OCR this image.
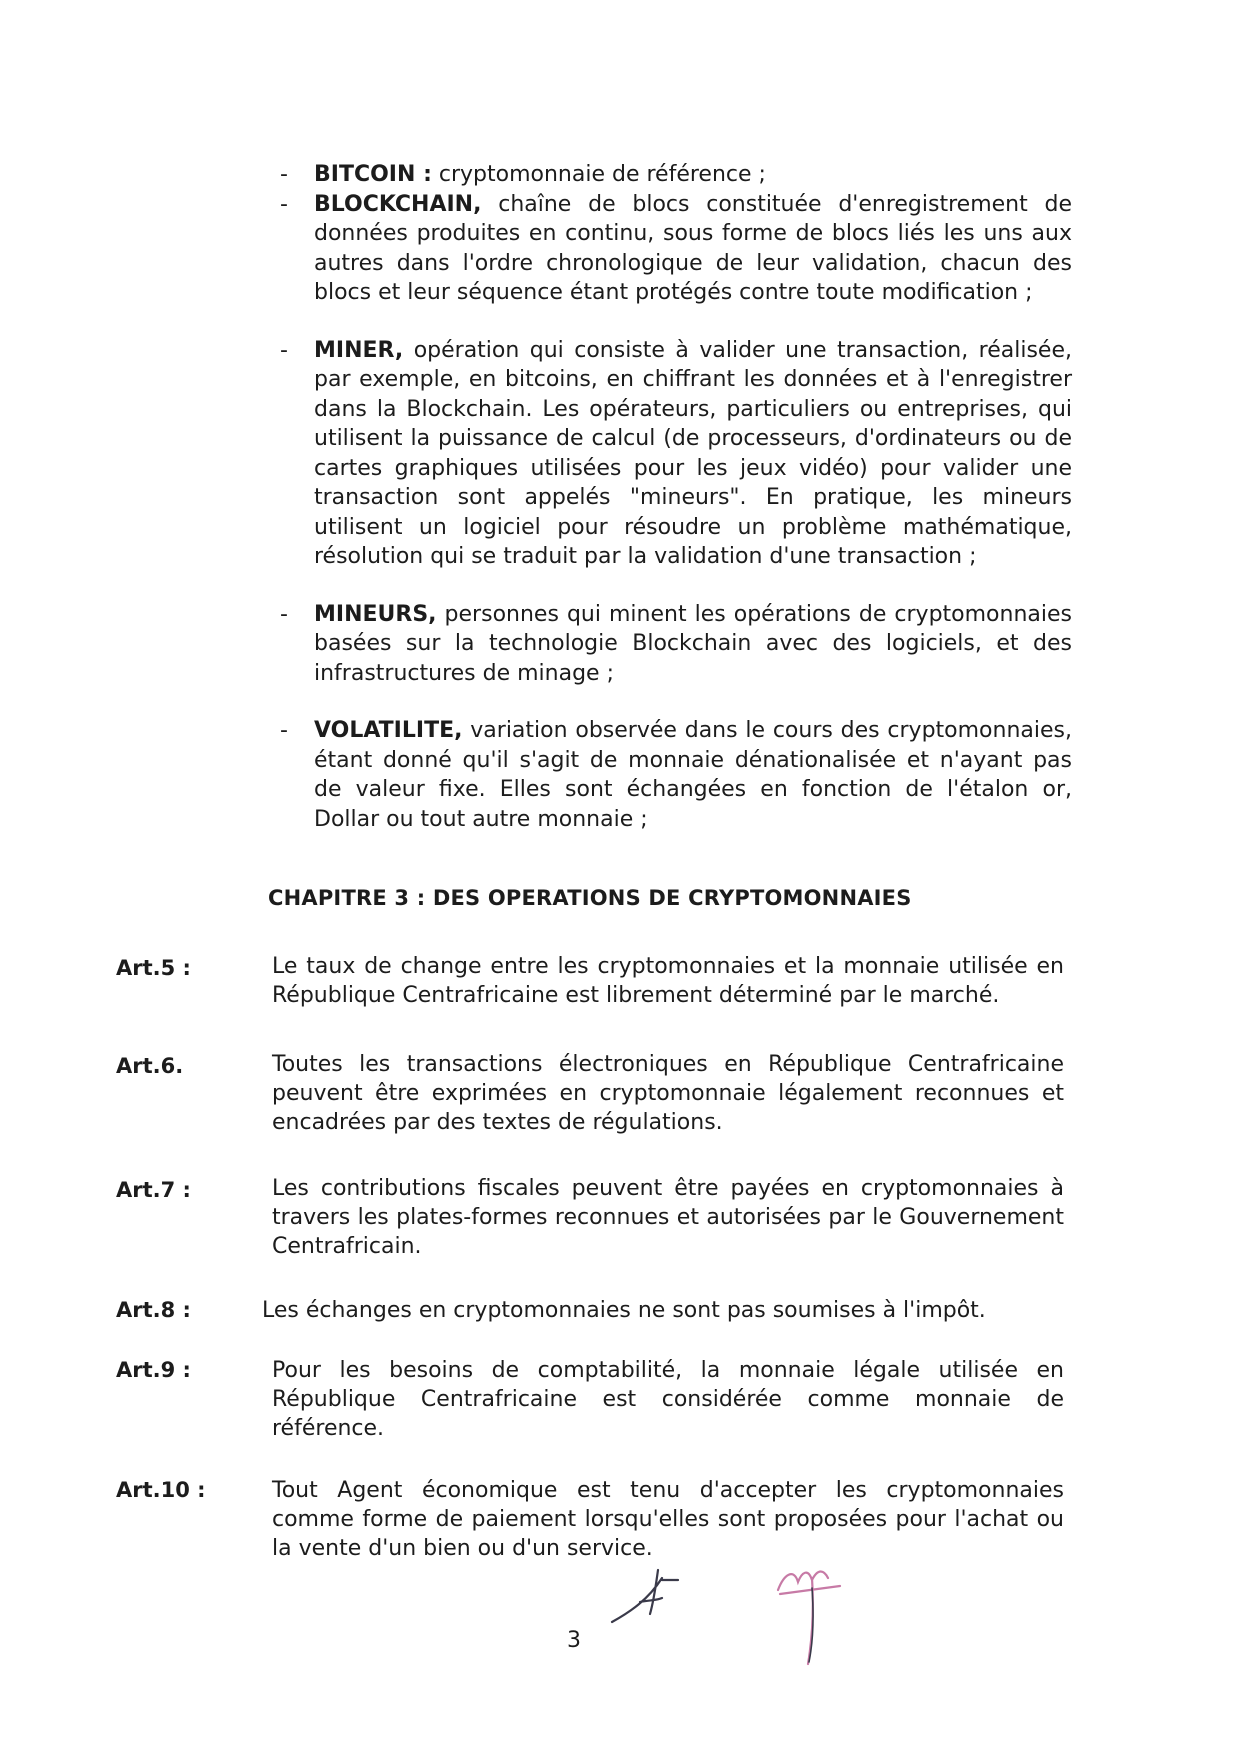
- BITCOIN : cryptomonnaie de référence ;
- BLOCKCHAIN, chaîne de blocs constituée d'enregistrement de données produites en continu, sous forme de blocs liés les uns aux autres dans l'ordre chronologique de leur validation, chacun des blocs et leur séquence étant protégés contre toute modification ;
- MINER, opération qui consiste à valider une transaction, réalisée, par exemple, en bitcoins, en chiffrant les données et à l'enregistrer dans la Blockchain. Les opérateurs, particuliers ou entreprises, qui utilisent la puissance de calcul (de processeurs, d'ordinateurs ou de cartes graphiques utilisées pour les jeux vidéo) pour valider une transaction sont appelés "mineurs". En pratique, les mineurs utilisent un logiciel pour résoudre un problème mathématique, résolution qui se traduit par la validation d'une transaction ;
- MINEURS, personnes qui minent les opérations de cryptomonnaies basées sur la technologie Blockchain avec des logiciels, et des infrastructures de minage ;
- VOLATILITE, variation observée dans le cours des cryptomonnaies, étant donné qu'il s'agit de monnaie dénationalisée et n'ayant pas de valeur fixe. Elles sont échangées en fonction de l'étalon or, Dollar ou tout autre monnaie ;
CHAPITRE 3 : DES OPERATIONS DE CRYPTOMONNAIES
Art.5 :	Le taux de change entre les cryptomonnaies et la monnaie utilisée en République Centrafricaine est librement déterminé par le marché.
Art.6.	Toutes les transactions électroniques en République Centrafricaine peuvent être exprimées en cryptomonnaie légalement reconnues et encadrées par des textes de régulations.
Art.7 :	Les contributions fiscales peuvent être payées en cryptomonnaies à travers les plates-formes reconnues et autorisées par le Gouvernement Centrafricain.
Art.8 :	Les échanges en cryptomonnaies ne sont pas soumises à l'impôt.
Art.9 :	Pour les besoins de comptabilité, la monnaie légale utilisée en République Centrafricaine est considérée comme monnaie de référence.
Art.10 :	Tout Agent économique est tenu d'accepter les cryptomonnaies comme forme de paiement lorsqu'elles sont proposées pour l'achat ou la vente d'un bien ou d'un service.
3
